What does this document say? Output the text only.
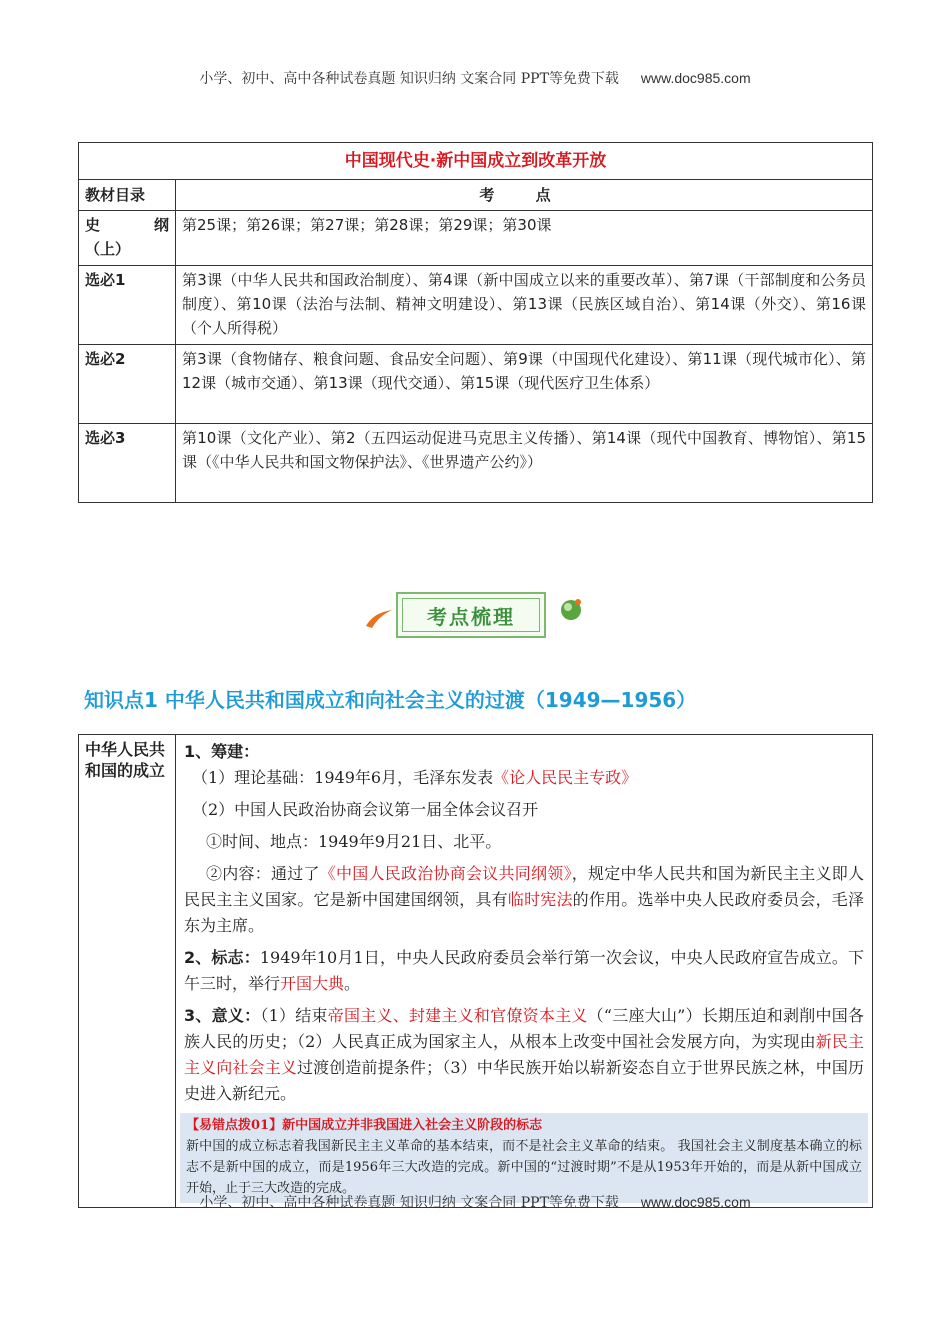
小学、初中、高中各种试卷真题 知识归纳 文案合同 PPT等免费下载 www.doc985.com
中国现代史·新中国成立到改革开放	
教材目录	考 点

史 纲
（上）	第25课；第26课；第27课；第28课；第29课；第30课
选必1	第3课（中华人民共和国政治制度）、第4课（新中国成立以来的重要改革）、第7课（干部制度和公务员制度）、第10课（法治与法制、精神文明建设）、第13课（民族区域自治）、第14课（外交）、第16课（个人所得税）
选必2	第3课（食物储存、粮食问题、食品安全问题）、第9课（中国现代化建设）、第11课（现代城市化）、第12课（城市交通）、第13课（现代交通）、第15课（现代医疗卫生体系）
选必3	第10课（文化产业）、第2（五四运动促进马克思主义传播）、第14课（现代中国教育、博物馆）、第15课（《中华人民共和国文物保护法》、《世界遗产公约》）
考点梳理
知识点1 中华人民共和国成立和向社会主义的过渡（1949—1956）
中华人民共和国的成立	

1、筹建：

（1）理论基础：1949年6月，毛泽东发表《论人民民主专政》

（2）中国人民政治协商会议第一届全体会议召开

①时间、地点：1949年9月21日、北平。

②内容：通过了《中国人民政治协商会议共同纲领》，规定中华人民共和国为新民主主义即人民民主主义国家。它是新中国建国纲领，具有临时宪法的作用。选举中央人民政府委员会，毛泽东为主席。

2、标志：1949年10月1日，中央人民政府委员会举行第一次会议，中央人民政府宣告成立。下午三时，举行开国大典。

3、意义：（1）结束帝国主义、封建主义和官僚资本主义（“三座大山”）长期压迫和剥削中国各族人民的历史；（2）人民真正成为国家主人，从根本上改变中国社会发展方向，为实现由新民主主义向社会主义过渡创造前提条件；（3）中华民族开始以崭新姿态自立于世界民族之林，中国历史进入新纪元。

【易错点拨01】新中国成立并非我国进入社会主义阶段的标志
新中国的成立标志着我国新民主主义革命的基本结束，而不是社会主义革命的结束。 我国社会主义制度基本确立的标志不是新中国的成立，而是1956年三大改造的完成。新中国的“过渡时期”不是从1953年开始的，而是从新中国成立开始，止于三大改造的完成。
小学、初中、高中各种试卷真题 知识归纳 文案合同 PPT等免费下载 www.doc985.com
